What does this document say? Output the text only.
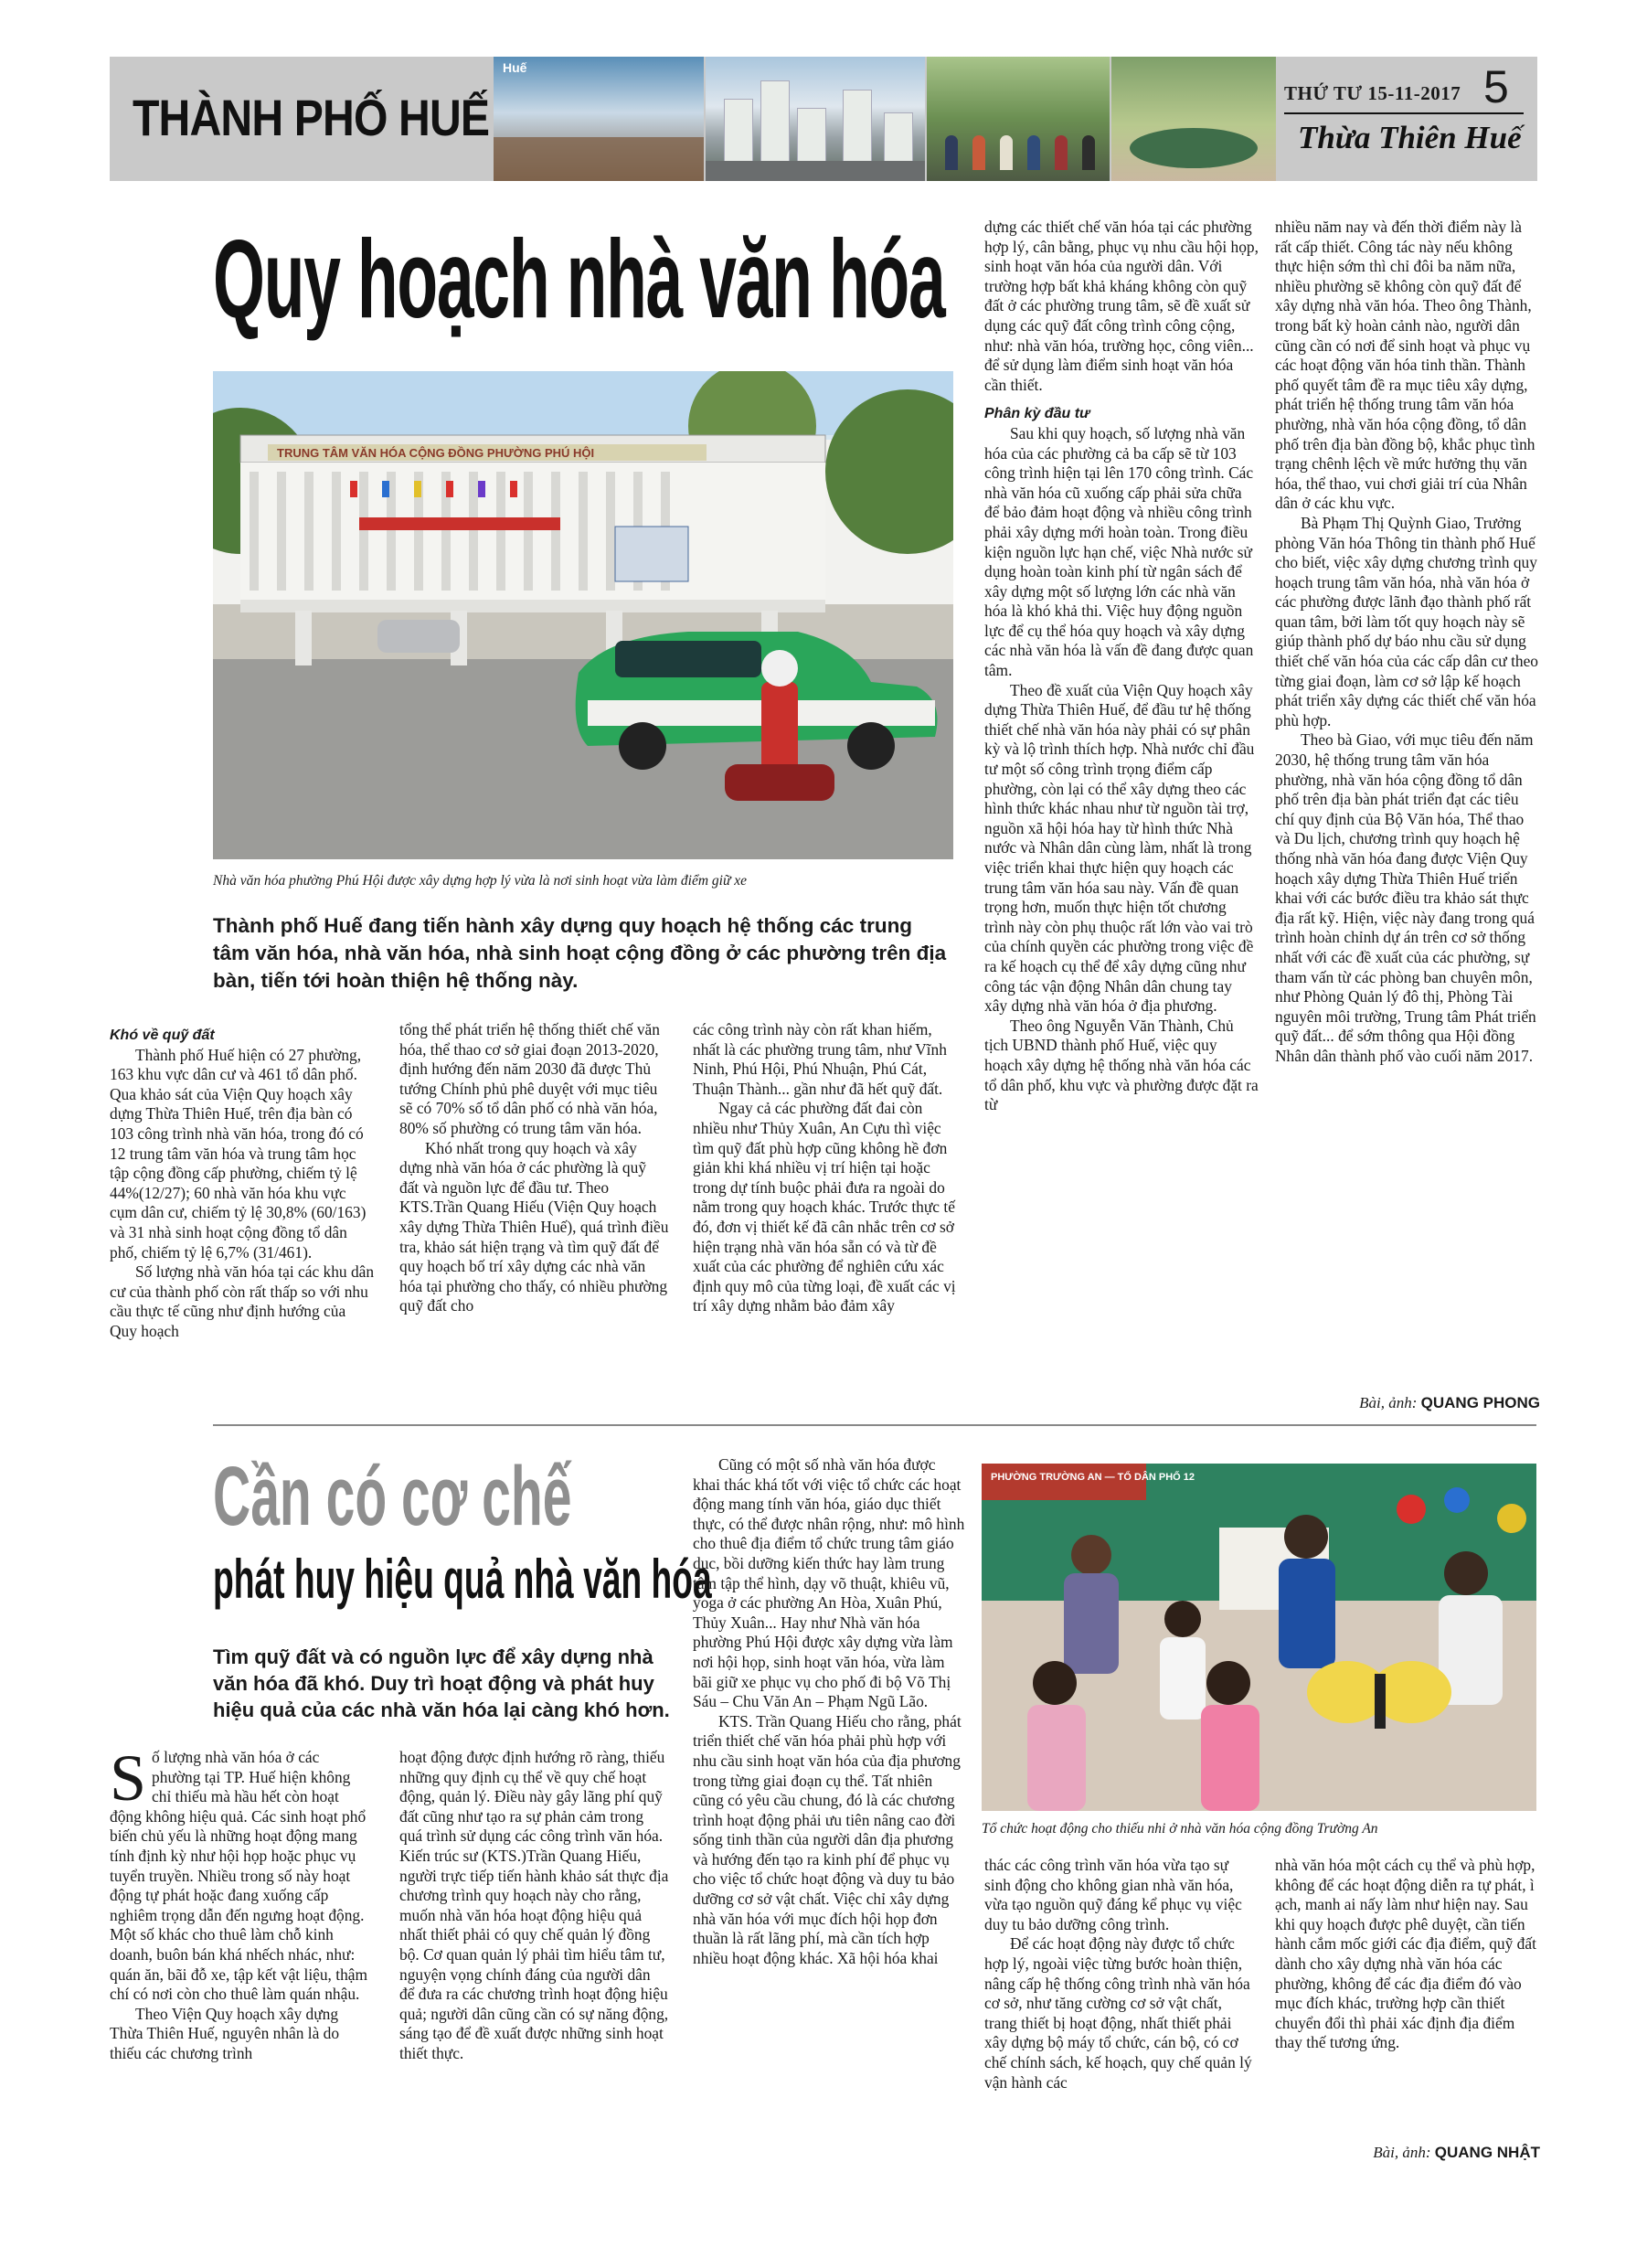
THÀNH PHỐ HUẾ
Huế
THỨ TƯ 15-11-2017 5
Thừa Thiên Huế
Quy hoạch nhà văn hóa
TRUNG TÂM VĂN HÓA CỘNG ĐỒNG PHƯỜNG PHÚ HỘI
Nhà văn hóa phường Phú Hội được xây dựng hợp lý vừa là nơi sinh hoạt vừa làm điểm giữ xe
Thành phố Huế đang tiến hành xây dựng quy hoạch hệ thống các trung tâm văn hóa, nhà văn hóa, nhà sinh hoạt cộng đồng ở các phường trên địa bàn, tiến tới hoàn thiện hệ thống này.
Khó về quỹ đất

Thành phố Huế hiện có 27 phường, 163 khu vực dân cư và 461 tổ dân phố. Qua khảo sát của Viện Quy hoạch xây dựng Thừa Thiên Huế, trên địa bàn có 103 công trình nhà văn hóa, trong đó có 12 trung tâm văn hóa và trung tâm học tập cộng đồng cấp phường, chiếm tỷ lệ 44%(12/27); 60 nhà văn hóa khu vực cụm dân cư, chiếm tỷ lệ 30,8% (60/163) và 31 nhà sinh hoạt cộng đồng tổ dân phố, chiếm tỷ lệ 6,7% (31/461).

Số lượng nhà văn hóa tại các khu dân cư của thành phố còn rất thấp so với nhu cầu thực tế cũng như định hướng của Quy hoạch

tổng thể phát triển hệ thống thiết chế văn hóa, thể thao cơ sở giai đoạn 2013-2020, định hướng đến năm 2030 đã được Thủ tướng Chính phủ phê duyệt với mục tiêu sẽ có 70% số tổ dân phố có nhà văn hóa, 80% số phường có trung tâm văn hóa.

Khó nhất trong quy hoạch và xây dựng nhà văn hóa ở các phường là quỹ đất và nguồn lực để đầu tư. Theo KTS.Trần Quang Hiếu (Viện Quy hoạch xây dựng Thừa Thiên Huế), quá trình điều tra, khảo sát hiện trạng và tìm quỹ đất để quy hoạch bố trí xây dựng các nhà văn hóa tại phường cho thấy, có nhiều phường quỹ đất cho

các công trình này còn rất khan hiếm, nhất là các phường trung tâm, như Vĩnh Ninh, Phú Hội, Phú Nhuận, Phú Cát, Thuận Thành... gần như đã hết quỹ đất.

Ngay cả các phường đất đai còn nhiều như Thủy Xuân, An Cựu thì việc tìm quỹ đất phù hợp cũng không hề đơn giản khi khá nhiều vị trí hiện tại hoặc trong dự tính buộc phải đưa ra ngoài do nằm trong quy hoạch khác. Trước thực tế đó, đơn vị thiết kế đã cân nhắc trên cơ sở hiện trạng nhà văn hóa sẵn có và từ đề xuất của các phường để nghiên cứu xác định quy mô của từng loại, đề xuất các vị trí xây dựng nhằm bảo đảm xây

dựng các thiết chế văn hóa tại các phường hợp lý, cân bằng, phục vụ nhu cầu hội họp, sinh hoạt văn hóa của người dân. Với trường hợp bất khả kháng không còn quỹ đất ở các phường trung tâm, sẽ đề xuất sử dụng các quỹ đất công trình công cộng, như: nhà văn hóa, trường học, công viên... để sử dụng làm điểm sinh hoạt văn hóa cần thiết.

Phân kỳ đầu tư

Sau khi quy hoạch, số lượng nhà văn hóa của các phường cả ba cấp sẽ từ 103 công trình hiện tại lên 170 công trình. Các nhà văn hóa cũ xuống cấp phải sửa chữa để bảo đảm hoạt động và nhiều công trình phải xây dựng mới hoàn toàn. Trong điều kiện nguồn lực hạn chế, việc Nhà nước sử dụng hoàn toàn kinh phí từ ngân sách để xây dựng một số lượng lớn các nhà văn hóa là khó khả thi. Việc huy động nguồn lực để cụ thể hóa quy hoạch và xây dựng các nhà văn hóa là vấn đề đang được quan tâm.

Theo đề xuất của Viện Quy hoạch xây dựng Thừa Thiên Huế, để đầu tư hệ thống thiết chế nhà văn hóa này phải có sự phân kỳ và lộ trình thích hợp. Nhà nước chỉ đầu tư một số công trình trọng điểm cấp phường, còn lại có thể xây dựng theo các hình thức khác nhau như từ nguồn tài trợ, nguồn xã hội hóa hay từ hình thức Nhà nước và Nhân dân cùng làm, nhất là trong việc triển khai thực hiện quy hoạch các trung tâm văn hóa sau này. Vấn đề quan trọng hơn, muốn thực hiện tốt chương trình này còn phụ thuộc rất lớn vào vai trò của chính quyền các phường trong việc đề ra kế hoạch cụ thể để xây dựng cũng như công tác vận động Nhân dân chung tay xây dựng nhà văn hóa ở địa phương.

Theo ông Nguyễn Văn Thành, Chủ tịch UBND thành phố Huế, việc quy hoạch xây dựng hệ thống nhà văn hóa các tổ dân phố, khu vực và phường được đặt ra từ

nhiều năm nay và đến thời điểm này là rất cấp thiết. Công tác này nếu không thực hiện sớm thì chỉ đôi ba năm nữa, nhiều phường sẽ không còn quỹ đất để xây dựng nhà văn hóa. Theo ông Thành, trong bất kỳ hoàn cảnh nào, người dân cũng cần có nơi để sinh hoạt và phục vụ các hoạt động văn hóa tinh thần. Thành phố quyết tâm đề ra mục tiêu xây dựng, phát triển hệ thống trung tâm văn hóa phường, nhà văn hóa cộng đồng, tổ dân phố trên địa bàn đồng bộ, khắc phục tình trạng chênh lệch về mức hưởng thụ văn hóa, thể thao, vui chơi giải trí của Nhân dân ở các khu vực.

Bà Phạm Thị Quỳnh Giao, Trưởng phòng Văn hóa Thông tin thành phố Huế cho biết, việc xây dựng chương trình quy hoạch trung tâm văn hóa, nhà văn hóa ở các phường được lãnh đạo thành phố rất quan tâm, bởi làm tốt quy hoạch này sẽ giúp thành phố dự báo nhu cầu sử dụng thiết chế văn hóa của các cấp dân cư theo từng giai đoạn, làm cơ sở lập kế hoạch phát triển xây dựng các thiết chế văn hóa phù hợp.

Theo bà Giao, với mục tiêu đến năm 2030, hệ thống trung tâm văn hóa phường, nhà văn hóa cộng đồng tổ dân phố trên địa bàn phát triển đạt các tiêu chí quy định của Bộ Văn hóa, Thể thao và Du lịch, chương trình quy hoạch hệ thống nhà văn hóa đang được Viện Quy hoạch xây dựng Thừa Thiên Huế triển khai với các bước điều tra khảo sát thực địa rất kỹ. Hiện, việc này đang trong quá trình hoàn chỉnh dự án trên cơ sở thống nhất với các đề xuất của các phường, sự tham vấn từ các phòng ban chuyên môn, như Phòng Quản lý đô thị, Phòng Tài nguyên môi trường, Trung tâm Phát triển quỹ đất... để sớm thông qua Hội đồng Nhân dân thành phố vào cuối năm 2017.

Bài, ảnh: QUANG PHONG
Cần có cơ chế
phát huy hiệu quả nhà văn hóa
Tìm quỹ đất và có nguồn lực để xây dựng nhà văn hóa đã khó. Duy trì hoạt động và phát huy hiệu quả của các nhà văn hóa lại càng khó hơn.
PHƯỜNG TRƯỜNG AN — TỔ DÂN PHỐ 12
Tổ chức hoạt động cho thiếu nhi ở nhà văn hóa cộng đồng Trường An

Số lượng nhà văn hóa ở các phường tại TP. Huế hiện không chỉ thiếu mà hầu hết còn hoạt động không hiệu quả. Các sinh hoạt phổ biến chủ yếu là những hoạt động mang tính định kỳ như hội họp hoặc phục vụ tuyển truyền. Nhiều trong số này hoạt động tự phát hoặc đang xuống cấp nghiêm trọng dẫn đến ngưng hoạt động. Một số khác cho thuê làm chỗ kinh doanh, buôn bán khá nhếch nhác, như: quán ăn, bãi đỗ xe, tập kết vật liệu, thậm chí có nơi còn cho thuê làm quán nhậu.

Theo Viện Quy hoạch xây dựng Thừa Thiên Huế, nguyên nhân là do thiếu các chương trình

hoạt động được định hướng rõ ràng, thiếu những quy định cụ thể về quy chế hoạt động, quản lý. Điều này gây lãng phí quỹ đất cũng như tạo ra sự phản cảm trong quá trình sử dụng các công trình văn hóa. Kiến trúc sư (KTS.)Trần Quang Hiếu, người trực tiếp tiến hành khảo sát thực địa chương trình quy hoạch này cho rằng, muốn nhà văn hóa hoạt động hiệu quả nhất thiết phải có quy chế quản lý đồng bộ. Cơ quan quản lý phải tìm hiểu tâm tư, nguyện vọng chính đáng của người dân để đưa ra các chương trình hoạt động hiệu quả; người dân cũng cần có sự năng động, sáng tạo để đề xuất được những sinh hoạt thiết thực.

Cũng có một số nhà văn hóa được khai thác khá tốt với việc tổ chức các hoạt động mang tính văn hóa, giáo dục thiết thực, có thể được nhân rộng, như: mô hình cho thuê địa điểm tổ chức trung tâm giáo dục, bồi dưỡng kiến thức hay làm trung tâm tập thể hình, dạy võ thuật, khiêu vũ, yoga ở các phường An Hòa, Xuân Phú, Thủy Xuân... Hay như Nhà văn hóa phường Phú Hội được xây dựng vừa làm nơi hội họp, sinh hoạt văn hóa, vừa làm bãi giữ xe phục vụ cho phố đi bộ Võ Thị Sáu – Chu Văn An – Phạm Ngũ Lão.

KTS. Trần Quang Hiếu cho rằng, phát triển thiết chế văn hóa phải phù hợp với nhu cầu sinh hoạt văn hóa của địa phương trong từng giai đoạn cụ thể. Tất nhiên cũng có yêu cầu chung, đó là các chương trình hoạt động phải ưu tiên nâng cao đời sống tinh thần của người dân địa phương và hướng đến tạo ra kinh phí để phục vụ cho việc tổ chức hoạt động và duy tu bảo dưỡng cơ sở vật chất. Việc chỉ xây dựng nhà văn hóa với mục đích hội họp đơn thuần là rất lãng phí, mà cần tích hợp nhiều hoạt động khác. Xã hội hóa khai

thác các công trình văn hóa vừa tạo sự sinh động cho không gian nhà văn hóa, vừa tạo nguồn quỹ đáng kể phục vụ việc duy tu bảo dưỡng công trình.

Để các hoạt động này được tổ chức hợp lý, ngoài việc từng bước hoàn thiện, nâng cấp hệ thống công trình nhà văn hóa cơ sở, như tăng cường cơ sở vật chất, trang thiết bị hoạt động, nhất thiết phải xây dựng bộ máy tổ chức, cán bộ, có cơ chế chính sách, kế hoạch, quy chế quản lý vận hành các

nhà văn hóa một cách cụ thể và phù hợp, không để các hoạt động diễn ra tự phát, ì ạch, manh ai nấy làm như hiện nay. Sau khi quy hoạch được phê duyệt, cần tiến hành cắm mốc giới các địa điểm, quỹ đất dành cho xây dựng nhà văn hóa các phường, không để các địa điểm đó vào mục đích khác, trường hợp cần thiết chuyển đổi thì phải xác định địa điểm thay thế tương ứng.

Bài, ảnh: QUANG NHẬT
